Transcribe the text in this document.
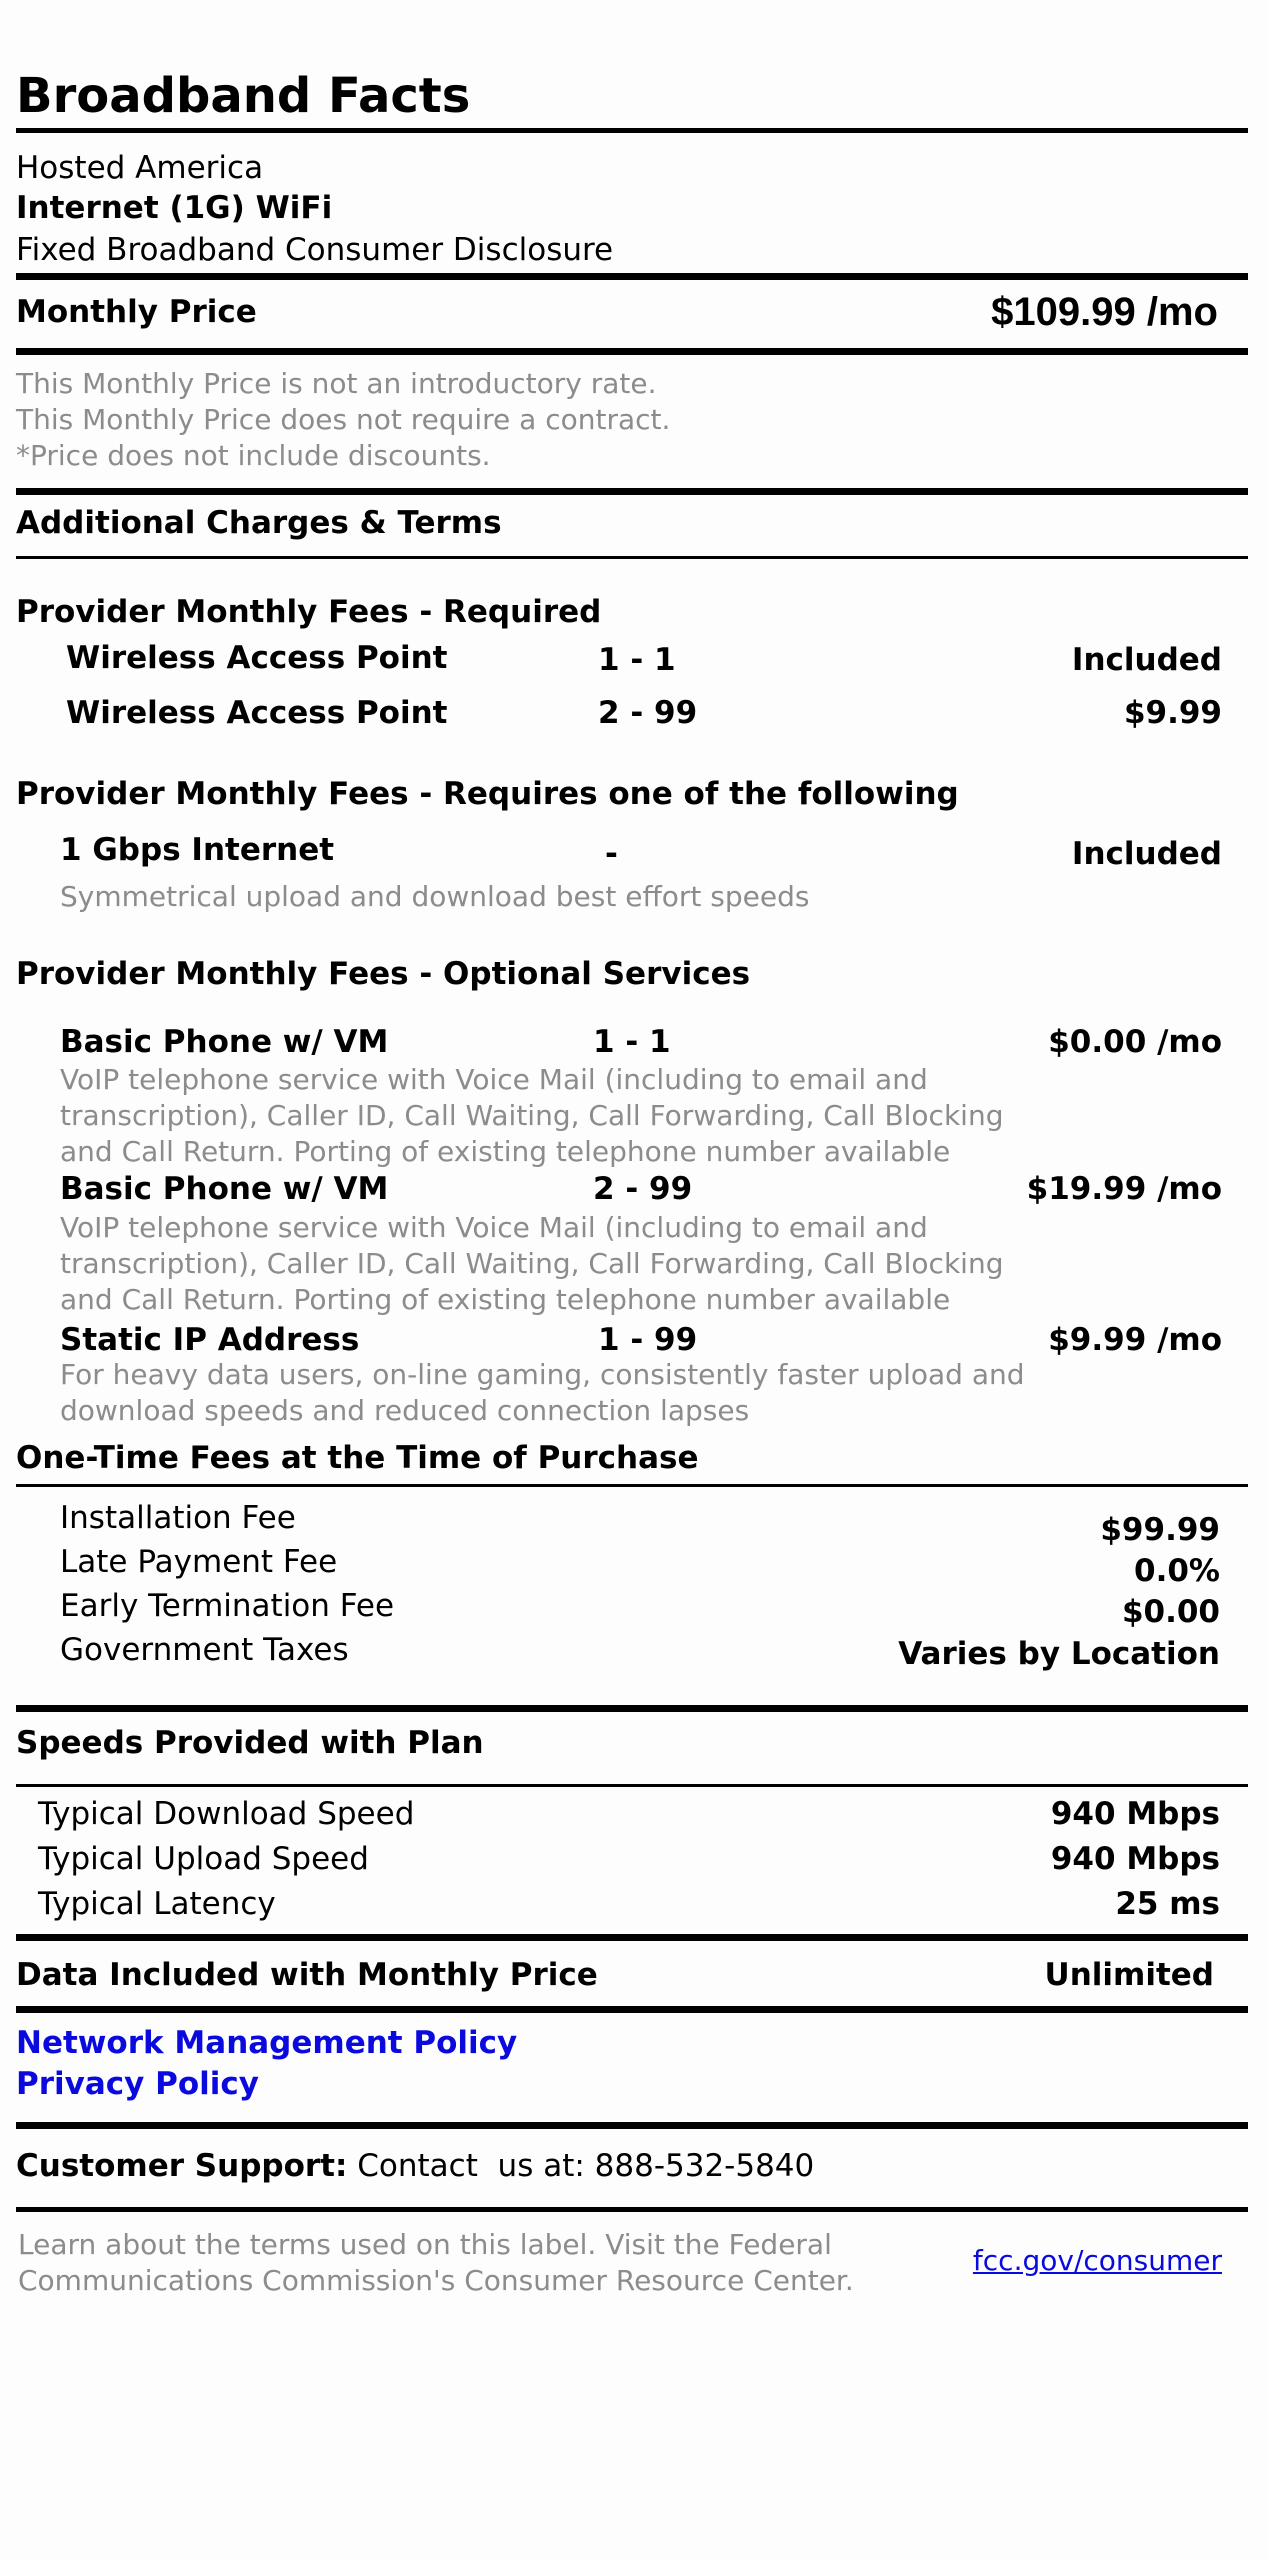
Broadband Facts
Hosted America
Internet (1G) WiFi
Fixed Broadband Consumer Disclosure
Monthly Price	$109.99 /mo
This Monthly Price is not an introductory rate.
This Monthly Price does not require a contract.
*Price does not include discounts.
Additional Charges & Terms
Provider Monthly Fees - Required
Wireless Access Point	1 - 1	Included
Wireless Access Point	2 - 99	$9.99
Provider Monthly Fees - Requires one of the following
1 Gbps Internet	-	Included
Symmetrical upload and download best effort speeds
Provider Monthly Fees - Optional Services
Basic Phone w/ VM	1 - 1	$0.00 /mo
VoIP telephone service with Voice Mail (including to email and transcription), Caller ID, Call Waiting, Call Forwarding, Call Blocking and Call Return. Porting of existing telephone number available
Basic Phone w/ VM	2 - 99	$19.99 /mo
VoIP telephone service with Voice Mail (including to email and transcription), Caller ID, Call Waiting, Call Forwarding, Call Blocking and Call Return. Porting of existing telephone number available
Static IP Address	1 - 99	$9.99 /mo
For heavy data users, on-line gaming, consistently faster upload and download speeds and reduced connection lapses
One-Time Fees at the Time of Purchase
Installation Fee	$99.99
Late Payment Fee	0.0%
Early Termination Fee	$0.00
Government Taxes	Varies by Location
Speeds Provided with Plan
Typical Download Speed	940 Mbps
Typical Upload Speed	940 Mbps
Typical Latency	25 ms
Data Included with Monthly Price	Unlimited
Network Management Policy
Privacy Policy
Customer Support: Contact  us at: 888-532-5840
Learn about the terms used on this label. Visit the Federal
Communications Commission's Consumer Resource Center.
fcc.gov/consumer
